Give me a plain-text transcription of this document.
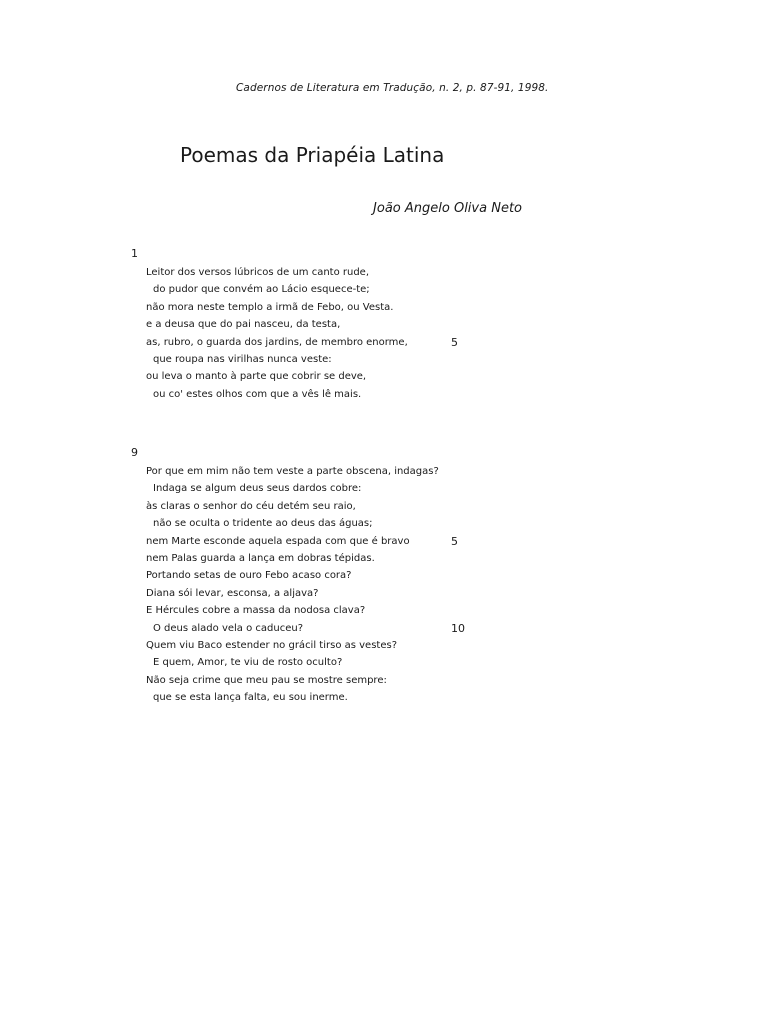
Cadernos de Literatura em Tradução, n. 2, p. 87-91, 1998.
Poemas da Priapéia Latina
João Angelo Oliva Neto
1
Leitor dos versos lúbricos de um canto rude,
do pudor que convém ao Lácio esquece-te;
não mora neste templo a irmã de Febo, ou Vesta.
e a deusa que do pai nasceu, da testa,
as, rubro, o guarda dos jardins, de membro enorme,	5
que roupa nas virilhas nunca veste:
ou leva o manto à parte que cobrir se deve,
ou co' estes olhos com que a vês lê mais.
9
Por que em mim não tem veste a parte obscena, indagas?
Indaga se algum deus seus dardos cobre:
às claras o senhor do céu detém seu raio,
não se oculta o tridente ao deus das águas;
nem Marte esconde aquela espada com que é bravo	5
nem Palas guarda a lança em dobras tépidas.
Portando setas de ouro Febo acaso cora?
Diana sói levar, esconsa, a aljava?
E Hércules cobre a massa da nodosa clava?
O deus alado vela o caduceu?	10
Quem viu Baco estender no grácil tirso as vestes?
E quem, Amor, te viu de rosto oculto?
Não seja crime que meu pau se mostre sempre:
que se esta lança falta, eu sou inerme.
